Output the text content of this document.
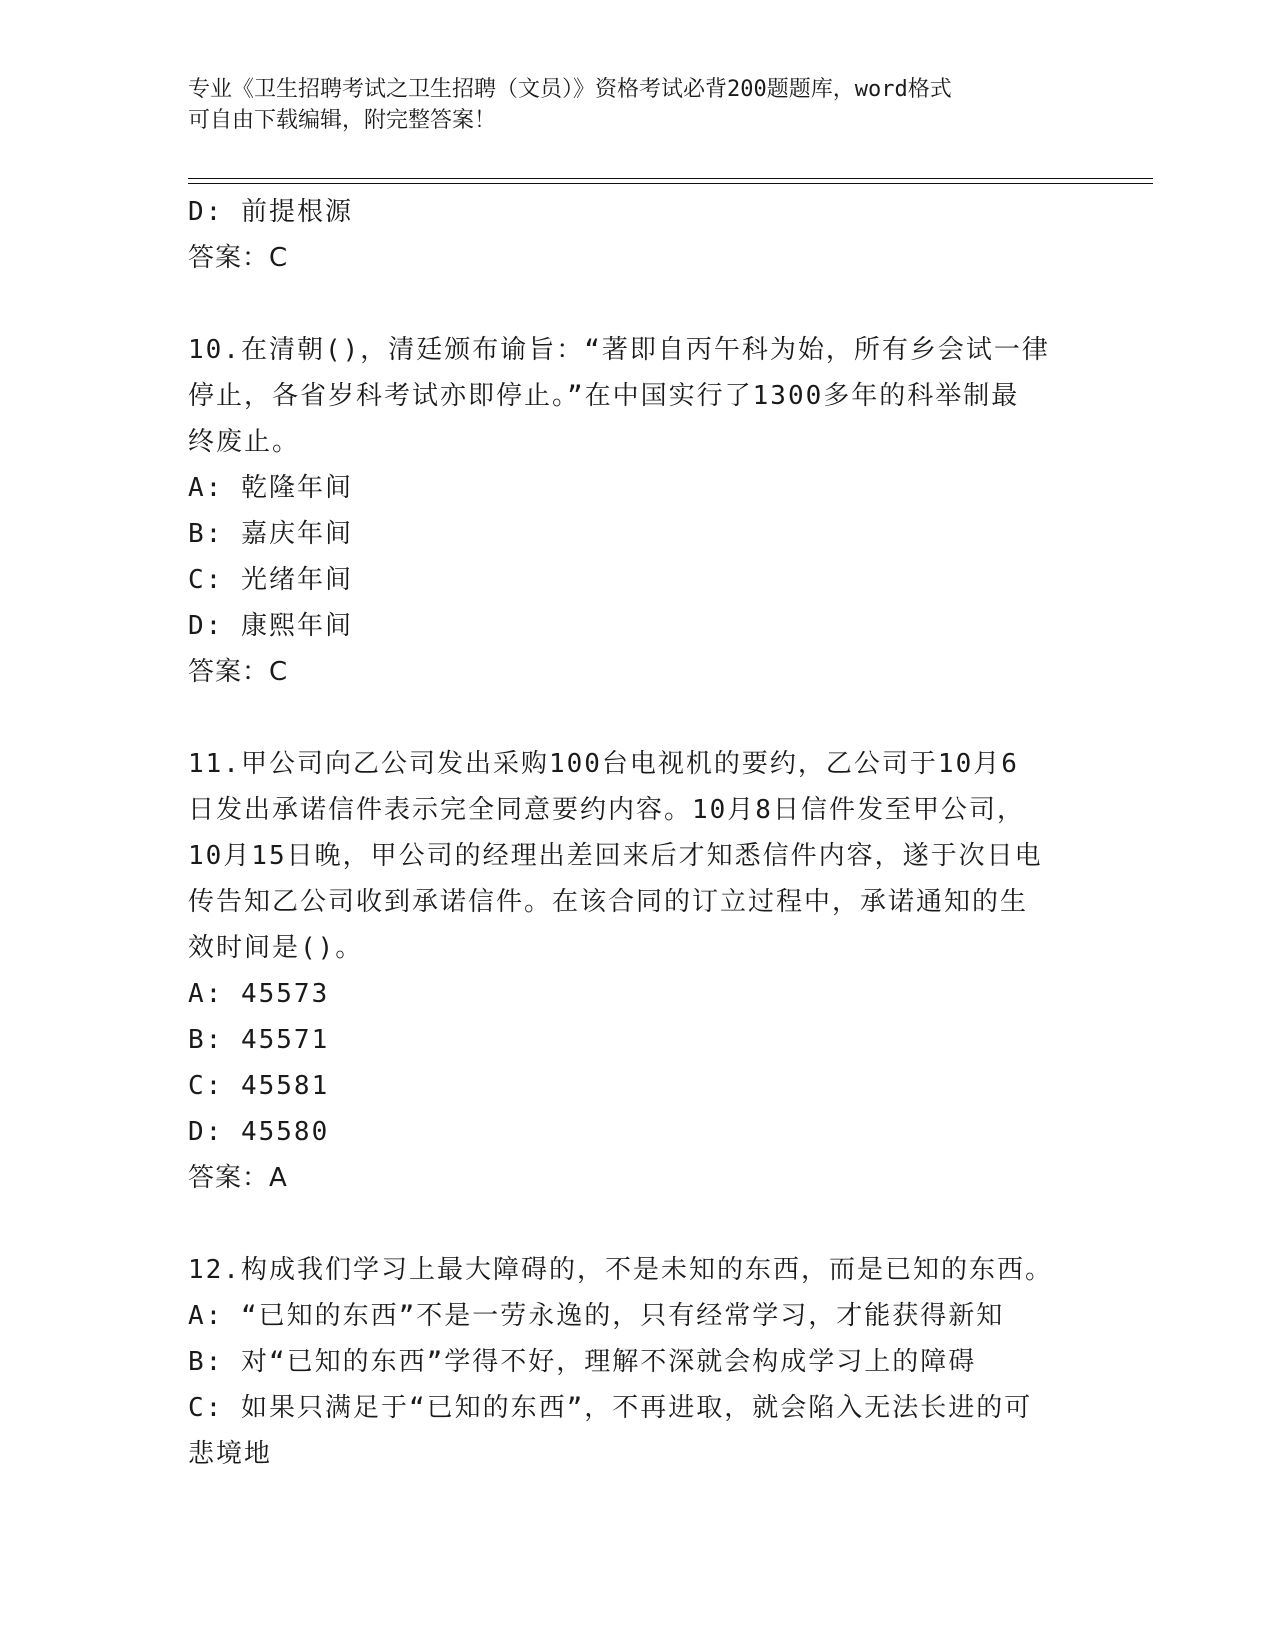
专业《卫生招聘考试之卫生招聘（文员）》资格考试必背200题题库，word格式
可自由下载编辑，附完整答案！
D: 前提根源
答案：C
10.在清朝()，清廷颁布谕旨：“著即自丙午科为始，所有乡会试一律
停止，各省岁科考试亦即停止。”在中国实行了1300多年的科举制最
终废止。
A: 乾隆年间
B: 嘉庆年间
C: 光绪年间
D: 康熙年间
答案：C
11.甲公司向乙公司发出采购100台电视机的要约，乙公司于10月6
日发出承诺信件表示完全同意要约内容。10月8日信件发至甲公司，
10月15日晚，甲公司的经理出差回来后才知悉信件内容，遂于次日电
传告知乙公司收到承诺信件。在该合同的订立过程中，承诺通知的生
效时间是()。
A: 45573
B: 45571
C: 45581
D: 45580
答案：A
12.构成我们学习上最大障碍的，不是未知的东西，而是已知的东西。
A: “已知的东西”不是一劳永逸的，只有经常学习，才能获得新知
B: 对“已知的东西”学得不好，理解不深就会构成学习上的障碍
C: 如果只满足于“已知的东西”，不再进取，就会陷入无法长进的可
悲境地
